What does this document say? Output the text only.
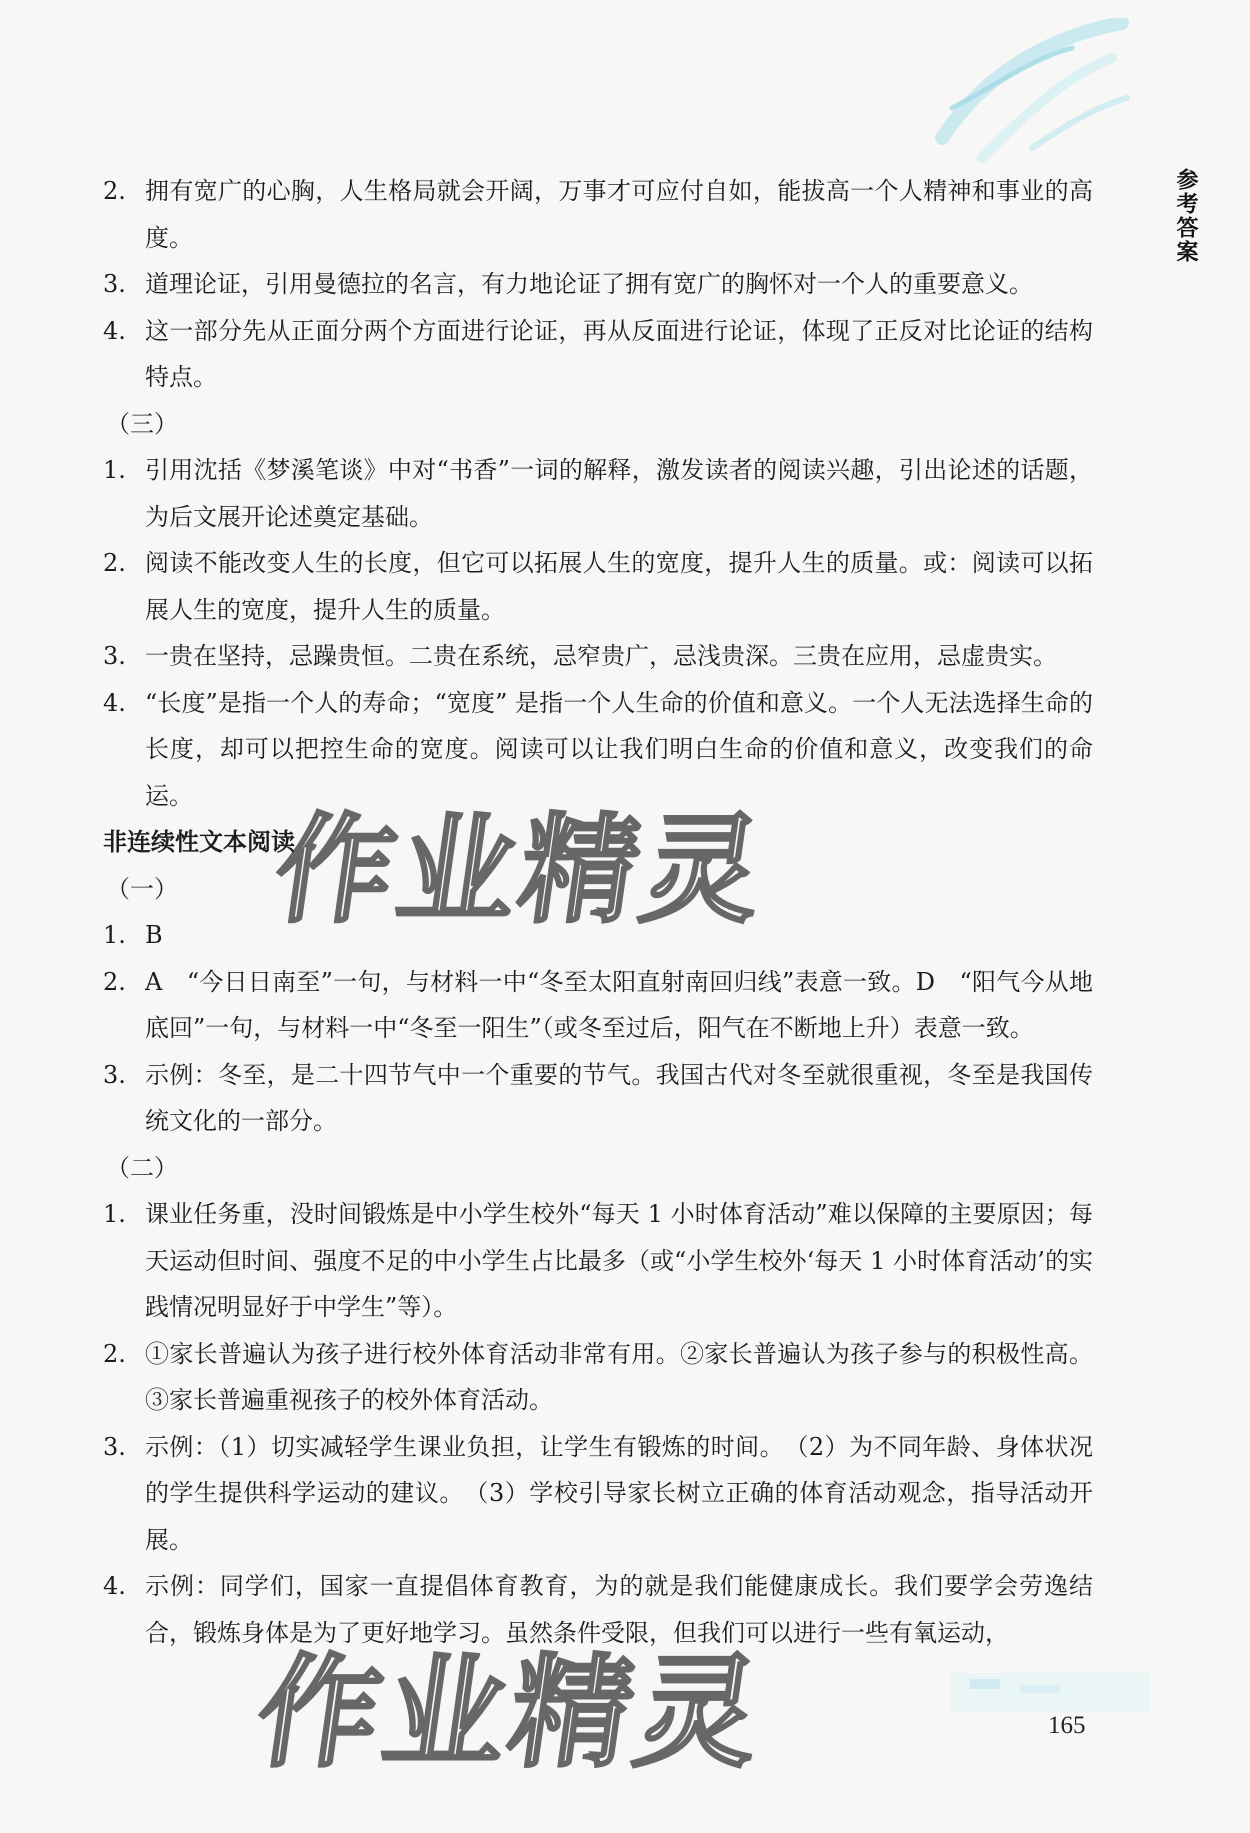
参考答案
2. 拥有宽广的心胸，人生格局就会开阔，万事才可应付自如，能拔高一个人精神和事业的高度。
3. 道理论证，引用曼德拉的名言，有力地论证了拥有宽广的胸怀对一个人的重要意义。
4. 这一部分先从正面分两个方面进行论证，再从反面进行论证，体现了正反对比论证的结构特点。
（三）
1. 引用沈括《梦溪笔谈》中对“书香”一词的解释，激发读者的阅读兴趣，引出论述的话题，为后文展开论述奠定基础。
2. 阅读不能改变人生的长度，但它可以拓展人生的宽度，提升人生的质量。或：阅读可以拓展人生的宽度，提升人生的质量。
3. 一贵在坚持，忌躁贵恒。二贵在系统，忌窄贵广，忌浅贵深。三贵在应用，忌虚贵实。
4. “长度”是指一个人的寿命；“宽度” 是指一个人生命的价值和意义。一个人无法选择生命的长度，却可以把控生命的宽度。阅读可以让我们明白生命的价值和意义，改变我们的命运。
非连续性文本阅读
（一）
1. B
2. A　“今日日南至”一句，与材料一中“冬至太阳直射南回归线”表意一致。D　“阳气今从地底回”一句，与材料一中“冬至一阳生”（或冬至过后，阳气在不断地上升）表意一致。
3. 示例：冬至，是二十四节气中一个重要的节气。我国古代对冬至就很重视，冬至是我国传统文化的一部分。
（二）
1. 课业任务重，没时间锻炼是中小学生校外“每天 1 小时体育活动”难以保障的主要原因；每天运动但时间、强度不足的中小学生占比最多（或“小学生校外‘每天 1 小时体育活动’的实践情况明显好于中学生”等）。
2. ①家长普遍认为孩子进行校外体育活动非常有用。②家长普遍认为孩子参与的积极性高。③家长普遍重视孩子的校外体育活动。
3. 示例：（1）切实减轻学生课业负担，让学生有锻炼的时间。　（2）为不同年龄、身体状况的学生提供科学运动的建议。　（3）学校引导家长树立正确的体育活动观念，指导活动开展。
4. 示例：同学们，国家一直提倡体育教育，为的就是我们能健康成长。我们要学会劳逸结合，锻炼身体是为了更好地学习。虽然条件受限，但我们可以进行一些有氧运动，
作业精灵
作业精灵	165
